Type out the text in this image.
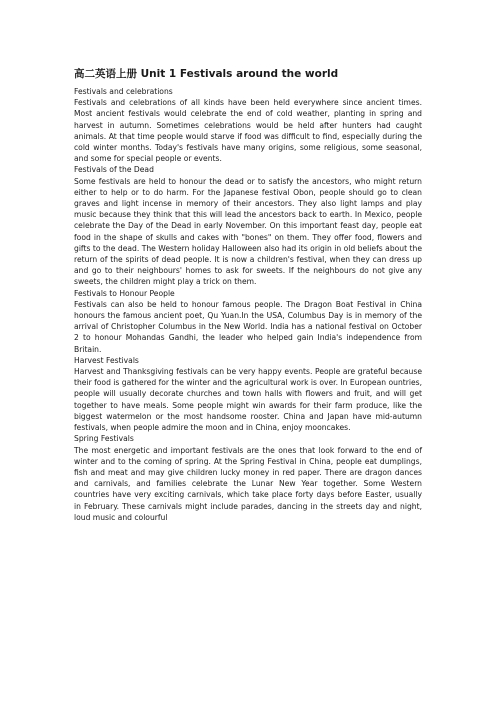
高二英语上册 Unit 1 Festivals around the world
Festivals and celebrations

Festivals and celebrations of all kinds have been held everywhere since ancient times. Most ancient festivals would celebrate the end of cold weather, planting in spring and harvest in autumn. Sometimes celebrations would be held after hunters had caught animals. At that time people would starve if food was difficult to find, especially during the cold winter months. Today's festivals have many origins, some religious, some seasonal, and some for special people or events.

Festivals of the Dead

Some festivals are held to honour the dead or to satisfy the ancestors, who might return either to help or to do harm. For the Japanese festival Obon, people should go to clean graves and light incense in memory of their ancestors. They also light lamps and play music because they think that this will lead the ancestors back to earth. In Mexico, people celebrate the Day of the Dead in early November. On this important feast day, people eat food in the shape of skulls and cakes with "bones" on them. They offer food, flowers and gifts to the dead. The Western holiday Halloween also had its origin in old beliefs about the return of the spirits of dead people. It is now a children's festival, when they can dress up and go to their neighbours' homes to ask for sweets. If the neighbours do not give any sweets, the children might play a trick on them.

Festivals to Honour People

Festivals can also be held to honour famous people. The Dragon Boat Festival in China honours the famous ancient poet, Qu Yuan.In the USA, Columbus Day is in memory of the arrival of Christopher Columbus in the New World. India has a national festival on October 2 to honour Mohandas Gandhi, the leader who helped gain India's independence from Britain.

Harvest Festivals

Harvest and Thanksgiving festivals can be very happy events. People are grateful because their food is gathered for the winter and the agricultural work is over. In European ountries, people will usually decorate churches and town halls with flowers and fruit, and will get together to have meals. Some people might win awards for their farm produce, like the biggest watermelon or the most handsome rooster. China and Japan have mid-autumn festivals, when people admire the moon and in China, enjoy mooncakes.

Spring Festivals

The most energetic and important festivals are the ones that look forward to the end of winter and to the coming of spring. At the Spring Festival in China, people eat dumplings, fish and meat and may give children lucky money in red paper. There are dragon dances and carnivals, and families celebrate the Lunar New Year together. Some Western countries have very exciting carnivals, which take place forty days before Easter, usually in February. These carnivals might include parades, dancing in the streets day and night, loud music and colourful
